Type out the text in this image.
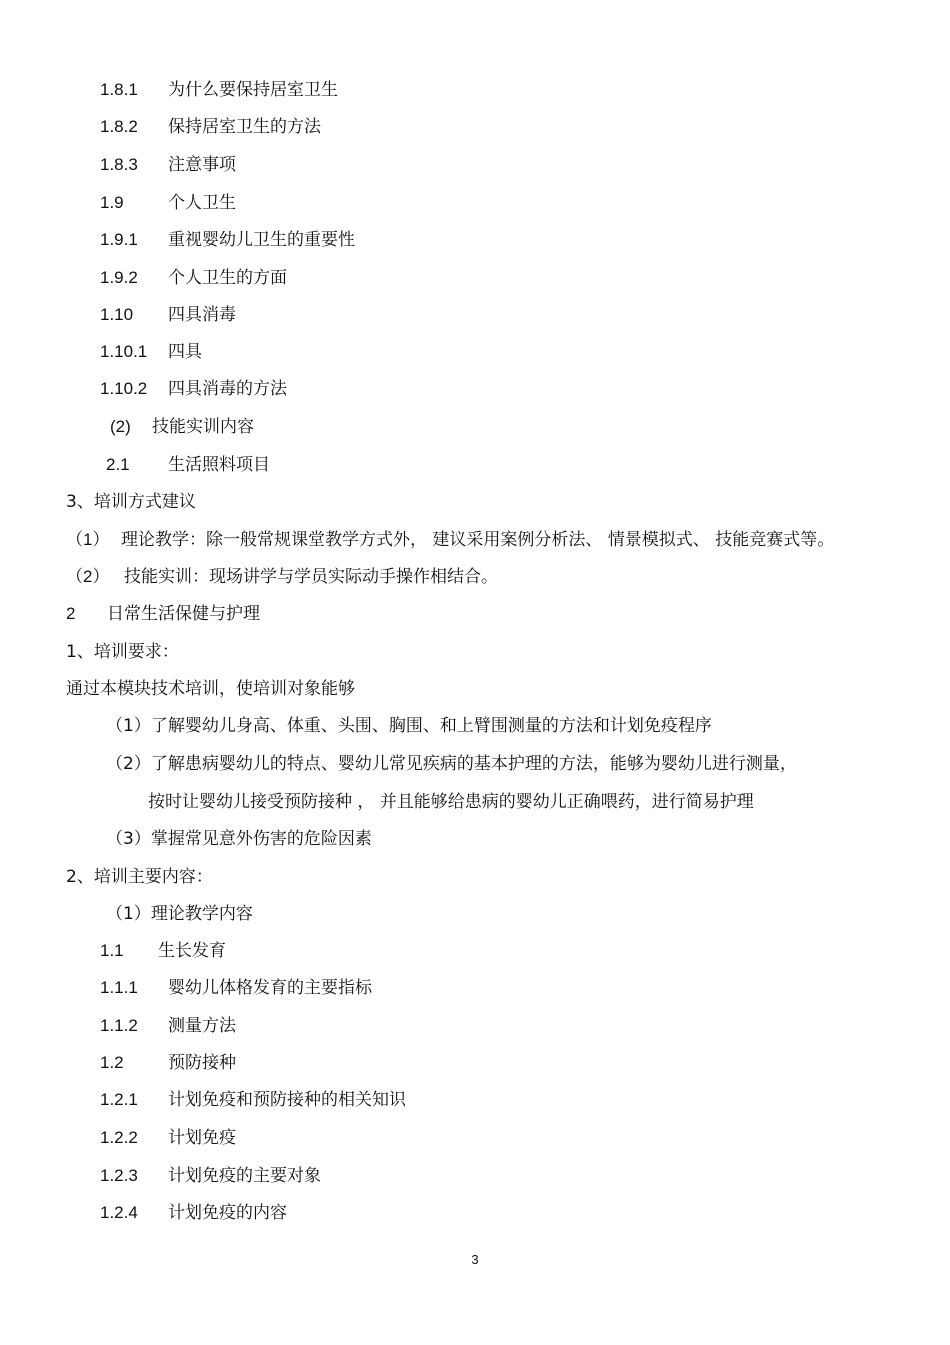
1.8.1 为什么要保持居室卫生
1.8.2 保持居室卫生的方法
1.8.3 注意事项
1.9	个人卫生
1.9.1 重视婴幼儿卫生的重要性
1.9.2 个人卫生的方面
1.10 四具消毒
1.10.1 四具
1.10.2 四具消毒的方法
(2) 技能实训内容
2.1 生活照料项目
3、培训方式建议
（1） 理论教学：除一般常规课堂教学方式外， 建议采用案例分析法、 情景模拟式、 技能竞赛式等。
（2） 技能实训：现场讲学与学员实际动手操作相结合。
2 日常生活保健与护理
1、培训要求：
通过本模块技术培训，使培训对象能够
（1）了解婴幼儿身高、体重、头围、胸围、和上臂围测量的方法和计划免疫程序
（2）了解患病婴幼儿的特点、婴幼儿常见疾病的基本护理的方法，能够为婴幼儿进行测量，
按时让婴幼儿接受预防接种 ， 并且能够给患病的婴幼儿正确喂药，进行简易护理
（3）掌握常见意外伤害的危险因素
2、培训主要内容：
（1）理论教学内容
1.1 生长发育
1.1.1 婴幼儿体格发育的主要指标
1.1.2 测量方法
1.2	预防接种
1.2.1 计划免疫和预防接种的相关知识
1.2.2 计划免疫
1.2.3 计划免疫的主要对象
1.2.4 计划免疫的内容
3
